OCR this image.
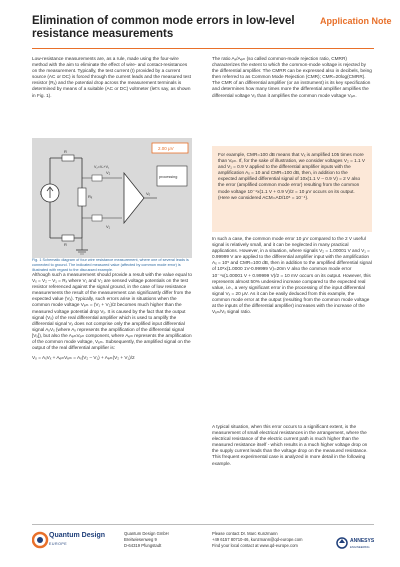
Elimination of common mode errors in low-level resistance measurements
Application Note

Low-resistance measurements are, as a rule, made using the four-wire method with the aim to eliminate the effect of wire- and contact-resistances on the measurement. Typically, the test current (I) provided by a current source (AC or DC) is forced through the current leads and the measured test resistor (Rₓ) and the potential drop across the measurement terminals is determined by means of a suitable (AC or DC) voltmeter (let's say, as shown in Fig. 1).

I
R
Rₓ
R
V₂
V₁
V₂=Vₓ+V₁
Vₒ
processing
2.00 μV
Fig. 1 Schematic diagram of four wire resistance measurement, where one of several leads is connected to ground. The indicated measured value (affected by common mode error) is illustrated with regard to the discussed example.

Although such a measurement should provide a result with the value equal to Vₓ = V₂ – V₁ = Rₓ where V₁ and V₂ are sensed voltage potentials on the test resistor referenced against the signal ground, in the case of low resistance measurements the result of the measurement can significantly differ from the expected value (Vₓ). Typically, such errors arise in situations when the common mode voltage Vₑₘ = (V₁ + V₂)/2 becomes much higher than the measured voltage potential drop Vₓ. It is caused by the fact that the output signal (Vₒ) of the real differential amplifier which is used to amplify the differential signal Vₓ does not comprise only the amplified input differential signal AₓVₓ (where Aₓ represents the amplification of the differential signal [Vₓ]), but also the AₑₘVₑₘ component, where Aₑₘ represents the amplification of the common mode voltage, Vₑₘ. Subsequently, the amplified signal on the output of the real differential amplifier is:

Vₒ = AₓVₓ + AₑₘVₑₘ = Aₓ(V₂ – V₁) + Aₑₘ(V₂ + V₁)/2

The ratio Aₓ/Aₑₘ (so called common-mode rejection ratio, CMRR) characterizes the extent to which the common-mode voltage is rejected by the differential amplifier. The CMRR can be expressed also in decibels, being then referred to as Common Mode Rejection (CMR); CMR=20log(CMRR). The CMR of an differential amplifier (or an instrument) is its key specification and determines how many times more the differential amplifier amplifies the differential voltage Vₓ than it amplifies the common mode voltage Vₑₘ.

For example, CMR=100 dB means that Vₓ is amplified 105 times more than Vₑₘ. If, for the sake of illustration, we consider voltages V₂ = 1.1 V and V₁ = 0.9 V applied to the differential amplifier inputs with the amplification Aₓ = 10 and CMR=100 dB, then, in addition to the expected amplified differential signal of 10x(1.1 V – 0.9 V) = 2 V also the error (amplified common mode error) resulting from the common mode voltage 10⁻⁴x(1.1 V + 0.9 V)/2 = 10 μV occurs on its output. (Here we considered ACM=AD/10⁵ = 10⁻⁴).

In such a case, the common mode error 10 μV compared to the 2 V useful signal is relatively small, and it can be neglected in many practical applications. However, in a situation, where signals V₂ = 1.00001 V and V₁ = 0.99999 V are applied to the differential amplifier input with the amplification Aₓ = 10⁵ and CMR=100 dB, then in addition to the amplified differential signal of 10⁵x(1.0000 1V-0.99999 V)=20m V also the common mode error 10⁻⁴x(1.00001 V + 0.99999 V)/2 = 10 mV occurs on its output. However, this represents almost 50% undesired increase compared to the expected real value, i.e., a very significant error in the processing of the input differential signal Vₓ = 20 μV. As it can be easily deduced from this example, the common mode error at the output (resulting from the common mode voltage at the inputs of the differential amplifier) increases with the increase of the Vₑₘ/Vₓ signal ratio.

A typical situation, when this error occurs to a significant extent, is the measurement of small electrical resistances in the arrangement, where the electrical resistance of the electric current path is much higher than the measured resistance itself - which results in a much higher voltage drop on the supply current leads than the voltage drop on the measured resistance. This frequent experimental case is analyzed in more detail in the following example.

Quantum Design
EUROPE
Quantum Design GmbH
Breitwiesenweg 9
D-64319 Pfungstadt
Please contact Dr. Marc Kunzmann
+49 6157 80710-46, kunzmann@qd-europe.com
Find your local contact at www.qd-europe.com
ANNESYS
ENGINEERING
